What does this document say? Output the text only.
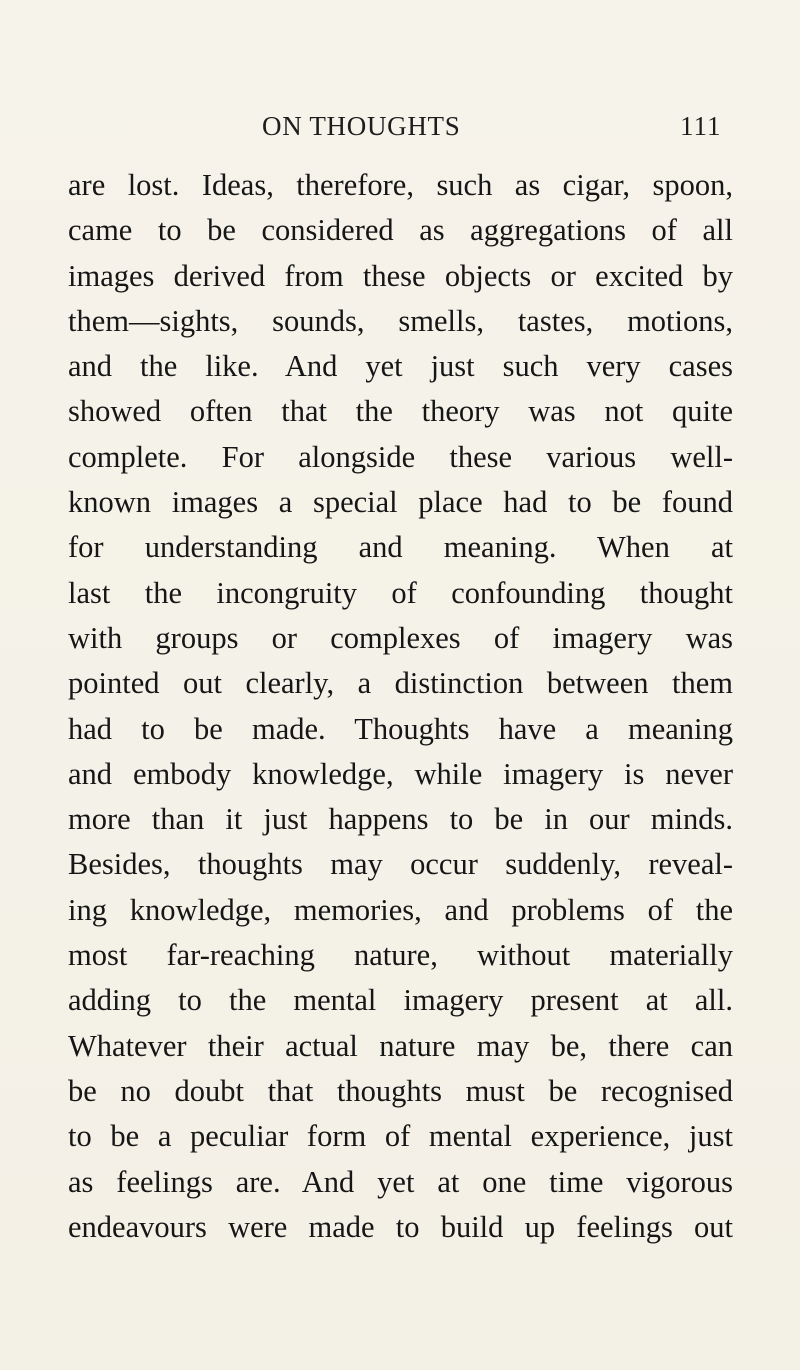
ON THOUGHTS	111
are lost. Ideas, therefore, such as cigar, spoon,
came to be considered as aggregations of all
images derived from these objects or excited by
them—sights, sounds, smells, tastes, motions,
and the like. And yet just such very cases
showed often that the theory was not quite
complete. For alongside these various well-
known images a special place had to be found
for understanding and meaning. When at
last the incongruity of confounding thought
with groups or complexes of imagery was
pointed out clearly, a distinction between them
had to be made. Thoughts have a meaning
and embody knowledge, while imagery is never
more than it just happens to be in our minds.
Besides, thoughts may occur suddenly, reveal-
ing knowledge, memories, and problems of the
most far-reaching nature, without materially
adding to the mental imagery present at all.
Whatever their actual nature may be, there can
be no doubt that thoughts must be recognised
to be a peculiar form of mental experience, just
as feelings are. And yet at one time vigorous
endeavours were made to build up feelings out
